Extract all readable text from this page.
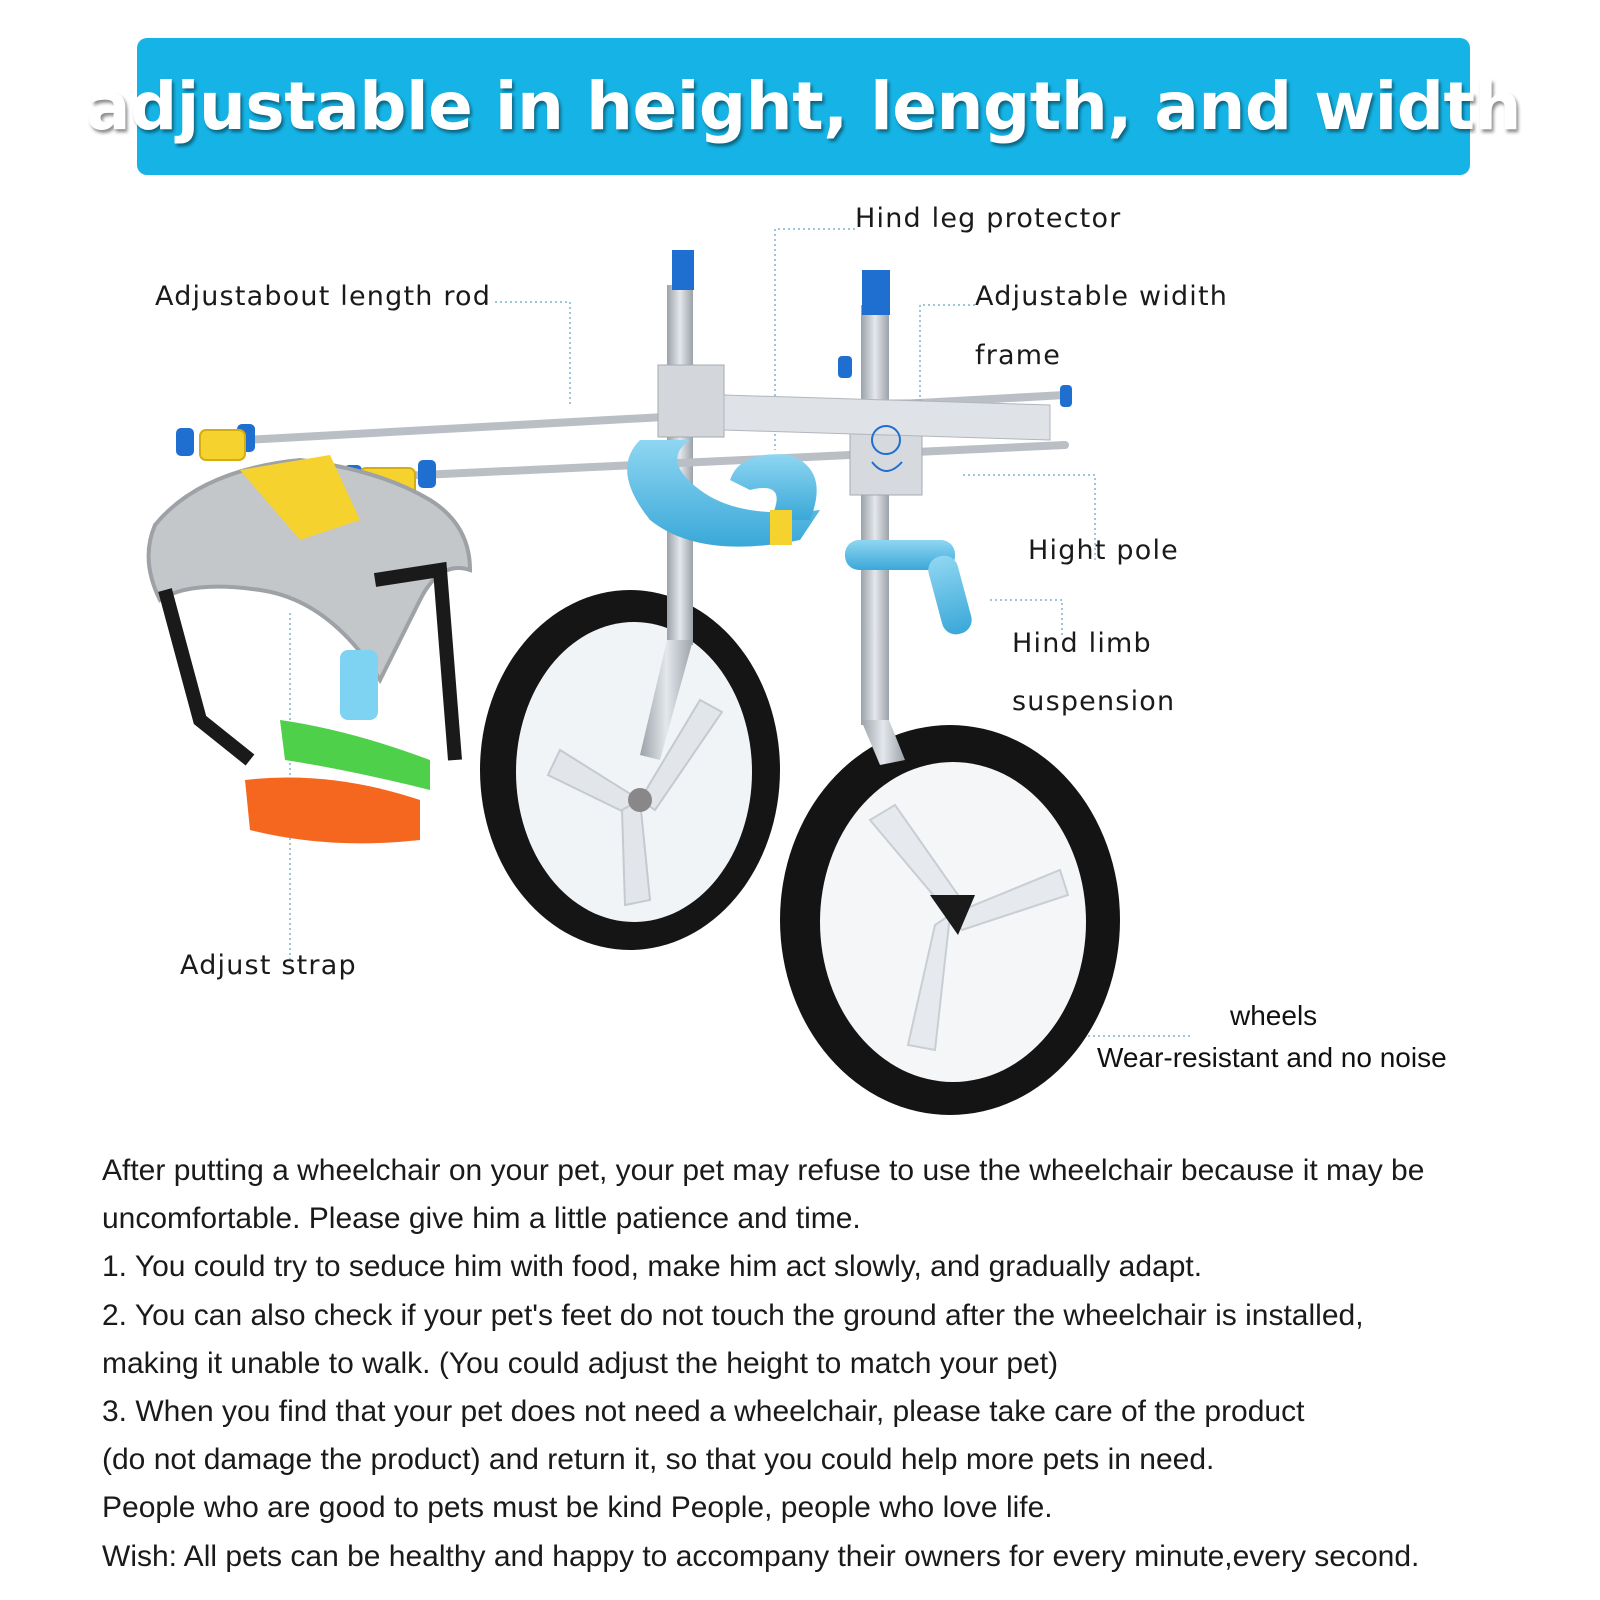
adjustable in height, length, and width
Hind leg protector
Adjustabout length rod	Adjustable widith
frame
Hight pole
Hind limb
suspension
Adjust strap
wheels
Wear-resistant and no noise
After putting a wheelchair on your pet, your pet may refuse to use the wheelchair because it may be
uncomfortable. Please give him a little patience and time.
1. You could try to seduce him with food, make him act slowly, and gradually adapt.
2. You can also check if your pet's feet do not touch the ground after the wheelchair is installed,
making it unable to walk. (You could adjust the height to match your pet)
3. When you find that your pet does not need a wheelchair, please take care of the product
(do not damage the product) and return it, so that you could help more pets in need.
People who are good to pets must be kind People, people who love life.
Wish: All pets can be healthy and happy to accompany their owners for every minute,every second.
